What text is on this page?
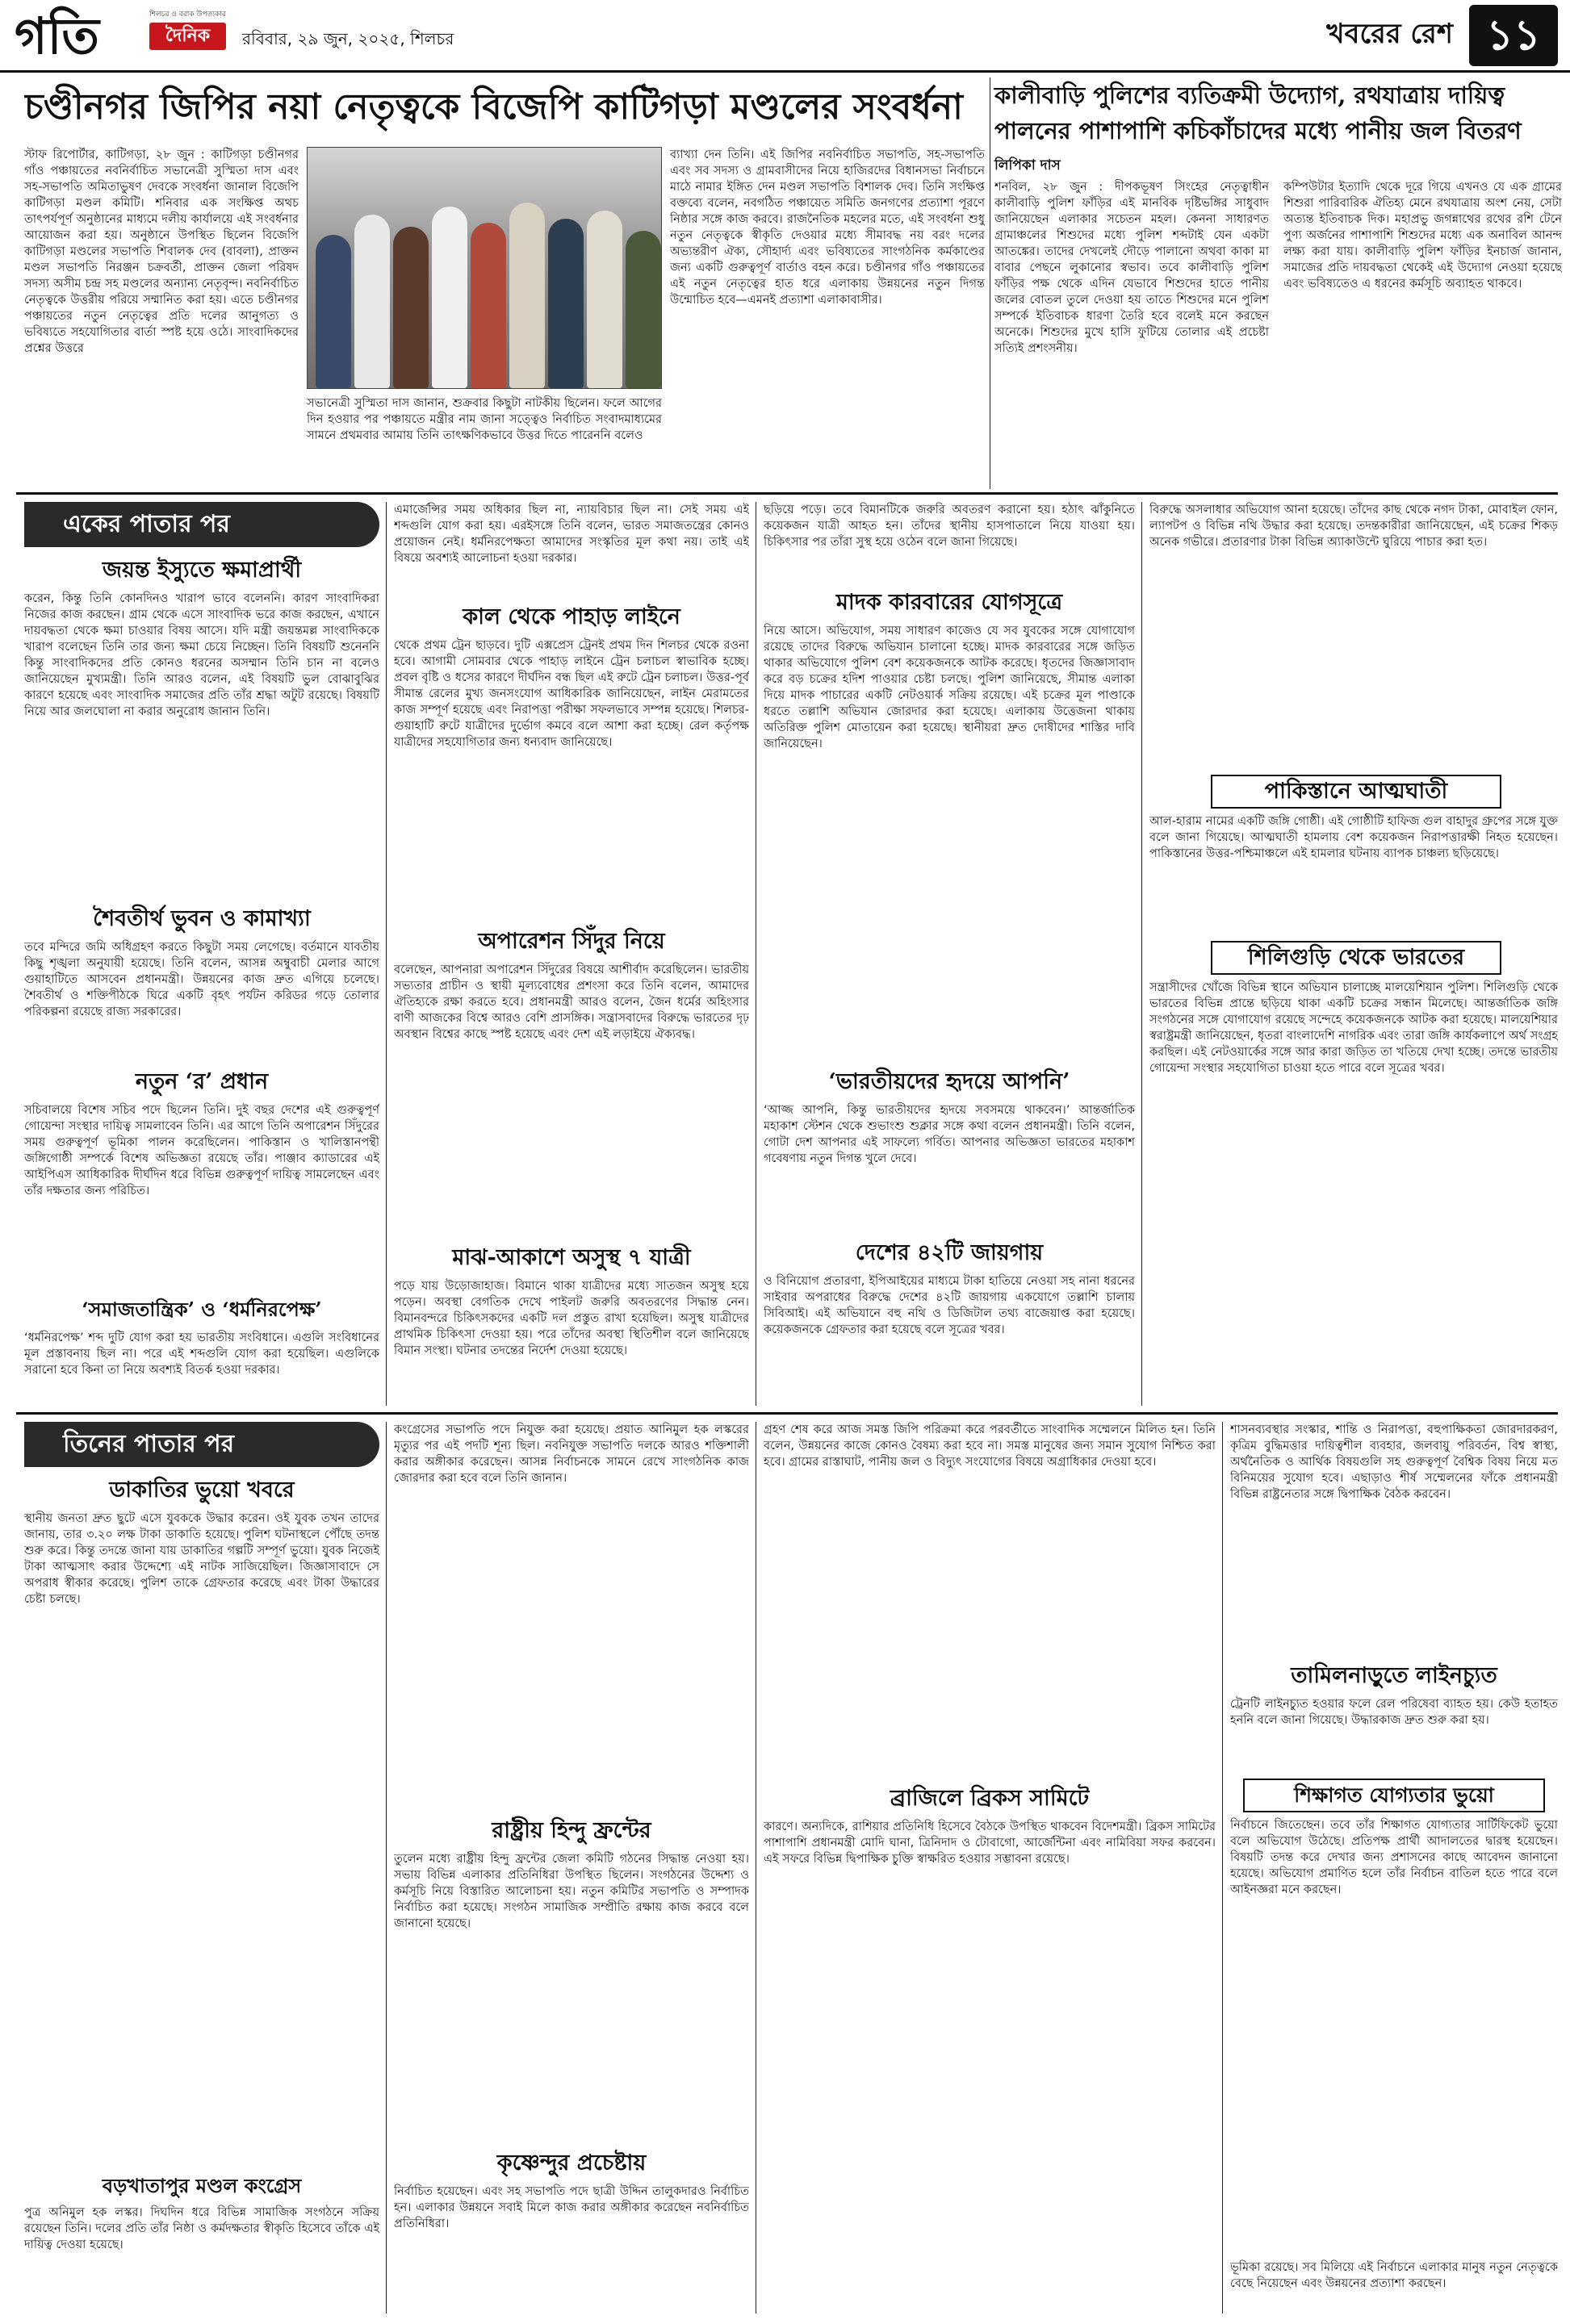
গতি	শিলচর ও বরাক উপত্যকার
দৈনিক	রবিবার, ২৯ জুন, ২০২৫, শিলচর	খবরের রেশ ১১
চণ্ডীনগর জিপির নয়া নেতৃত্বকে বিজেপি কাটিগড়া মণ্ডলের সংবর্ধনা
স্টাফ রিপোর্টার, কাটিগড়া, ২৮ জুন : কাটিগড়া চণ্ডীনগর গাঁও পঞ্চায়তের নবনির্বাচিত সভানেত্রী সুস্মিতা দাস এবং সহ-সভাপতি অমিতাভুষণ দেবকে সংবর্ধনা জানাল বিজেপি কাটিগড়া মণ্ডল কমিটি। শনিবার এক সংক্ষিপ্ত অথচ তাৎপর্যপূর্ণ অনুষ্ঠানের মাধ্যমে দলীয় কার্যালয়ে এই সংবর্ধনার আয়োজন করা হয়। অনুষ্ঠানে উপস্থিত ছিলেন বিজেপি কাটিগড়া মণ্ডলের সভাপতি শিবালক দেব (বাবলা), প্রাক্তন মণ্ডল সভাপতি নিরঞ্জন চক্রবর্তী, প্রাক্তন জেলা পরিষদ সদস্য অসীম চন্দ্র সহ মণ্ডলের অন্যান্য নেতৃবৃন্দ। নবনির্বাচিত নেতৃত্বকে উত্তরীয় পরিয়ে সম্মানিত করা হয়। এতে চণ্ডীনগর পঞ্চায়তের নতুন নেতৃত্বের প্রতি দলের আনুগত্য ও ভবিষ্যতে সহযোগিতার বার্তা স্পষ্ট হয়ে ওঠে। সাংবাদিকদের প্রশ্নের উত্তরে
সভানেত্রী সুস্মিতা দাস জানান, শুক্রবার কিছুটা নাটকীয় ছিলেন। ফলে আগের দিন হওয়ার পর পঞ্চায়তে মন্ত্রীর নাম জানা সত্ত্বেও নির্বাচিত সংবাদমাধ্যমের সামনে প্রথমবার আমায় তিনি তাৎক্ষণিকভাবে উত্তর দিতে পারেননি বলেও
ব্যাখ্যা দেন তিনি। এই জিপির নবনির্বাচিত সভাপতি, সহ-সভাপতি এবং সব সদস্য ও গ্রামবাসীদের নিয়ে হাজিরদের বিধানসভা নির্বাচনে মাঠে নামার ইঙ্গিত দেন মণ্ডল সভাপতি বিশালক দেব। তিনি সংক্ষিপ্ত বক্তব্যে বলেন, নবগঠিত পঞ্চায়েত সমিতি জনগণের প্রত্যাশা পূরণে নিষ্ঠার সঙ্গে কাজ করবে। রাজনৈতিক মহলের মতে, এই সংবর্ধনা শুধু নতুন নেতৃত্বকে স্বীকৃতি দেওয়ার মধ্যে সীমাবদ্ধ নয় বরং দলের অভ্যন্তরীণ ঐক্য, সৌহার্দ্য এবং ভবিষ্যতের সাংগঠনিক কর্মকাণ্ডের জন্য একটি গুরুত্বপূর্ণ বার্তাও বহন করে। চণ্ডীনগর গাঁও পঞ্চায়তের এই নতুন নেতৃত্বের হাত ধরে এলাকায় উন্নয়নের নতুন দিগন্ত উন্মোচিত হবে—এমনই প্রত্যাশা এলাকাবাসীর।
কালীবাড়ি পুলিশের ব্যতিক্রমী উদ্যোগ, রথযাত্রায় দায়িত্ব পালনের পাশাপাশি কচিকাঁচাদের মধ্যে পানীয় জল বিতরণ
লিপিকা দাস
শনবিল, ২৮ জুন : দীপকভূষণ সিংহের নেতৃত্বাধীন কালীবাড়ি পুলিশ ফাঁড়ির এই মানবিক দৃষ্টিভঙ্গির সাধুবাদ জানিয়েছেন এলাকার সচেতন মহল। কেননা সাধারণত গ্রামাঞ্চলের শিশুদের মধ্যে পুলিশ শব্দটাই যেন একটা আতঙ্কের। তাদের দেখলেই দৌড়ে পালানো অথবা কাকা মা বাবার পেছনে লুকানোর স্বভাব। তবে কালীবাড়ি পুলিশ ফাঁড়ির পক্ষ থেকে এদিন যেভাবে শিশুদের হাতে পানীয় জলের বোতল তুলে দেওয়া হয় তাতে শিশুদের মনে পুলিশ সম্পর্কে ইতিবাচক ধারণা তৈরি হবে বলেই মনে করছেন অনেকে। শিশুদের মুখে হাসি ফুটিয়ে তোলার এই প্রচেষ্টা সত্যিই প্রশংসনীয়।
কম্পিউটার ইত্যাদি থেকে দূরে গিয়ে এখনও যে এক গ্রামের শিশুরা পারিবারিক ঐতিহ্য মেনে রথযাত্রায় অংশ নেয়, সেটা অত্যন্ত ইতিবাচক দিক। মহাপ্রভু জগন্নাথের রথের রশি টেনে পুণ্য অর্জনের পাশাপাশি শিশুদের মধ্যে এক অনাবিল আনন্দ লক্ষ্য করা যায়। কালীবাড়ি পুলিশ ফাঁড়ির ইনচার্জ জানান, সমাজের প্রতি দায়বদ্ধতা থেকেই এই উদ্যোগ নেওয়া হয়েছে এবং ভবিষ্যতেও এ ধরনের কর্মসূচি অব্যাহত থাকবে।
একের পাতার পর
জয়ন্ত ইস্যুতে ক্ষমাপ্রার্থী
করেন, কিন্তু তিনি কোনদিনও খারাপ ভাবে বলেননি। কারণ সাংবাদিকরা নিজের কাজ করছেন। গ্রাম থেকে এসে সাংবাদিক ভরে কাজ করছেন, এখানে দায়বদ্ধতা থেকে ক্ষমা চাওয়ার বিষয় আসে। যদি মন্ত্রী জয়ন্তমল্ল সাংবাদিককে খারাপ বলেছেন তিনি তার জন্য ক্ষমা চেয়ে নিচ্ছেন। তিনি বিষয়টি শুনেননি কিন্তু সাংবাদিকদের প্রতি কোনও ধরনের অসম্মান তিনি চান না বলেও জানিয়েছেন মুখ্যমন্ত্রী। তিনি আরও বলেন, এই বিষয়টি ভুল বোঝাবুঝির কারণে হয়েছে এবং সাংবাদিক সমাজের প্রতি তাঁর শ্রদ্ধা অটুট রয়েছে। বিষয়টি নিয়ে আর জলঘোলা না করার অনুরোধ জানান তিনি।
শৈবতীর্থ ভুবন ও কামাখ্যা
তবে মন্দিরে জমি অধিগ্রহণ করতে কিছুটা সময় লেগেছে। বর্তমানে যাবতীয় কিছু শৃঙ্খলা অনুযায়ী হয়েছে। তিনি বলেন, আসন্ন অম্বুবাচী মেলার আগে গুয়াহাটিতে আসবেন প্রধানমন্ত্রী। উন্নয়নের কাজ দ্রুত এগিয়ে চলেছে। শৈবতীর্থ ও শক্তিপীঠকে ঘিরে একটি বৃহৎ পর্যটন করিডর গড়ে তোলার পরিকল্পনা রয়েছে রাজ্য সরকারের।
নতুন ‘র’ প্রধান
সচিবালয়ে বিশেষ সচিব পদে ছিলেন তিনি। দুই বছর দেশের এই গুরুত্বপূর্ণ গোয়েন্দা সংস্থার দায়িত্ব সামলাবেন তিনি। এর আগে তিনি অপারেশন সিঁদুরের সময় গুরুত্বপূর্ণ ভূমিকা পালন করেছিলেন। পাকিস্তান ও খালিস্তানপন্থী জঙ্গিগোষ্ঠী সম্পর্কে বিশেষ অভিজ্ঞতা রয়েছে তাঁর। পাঞ্জাব ক্যাডারের এই আইপিএস আধিকারিক দীর্ঘদিন ধরে বিভিন্ন গুরুত্বপূর্ণ দায়িত্ব সামলেছেন এবং তাঁর দক্ষতার জন্য পরিচিত।
‘সমাজতান্ত্রিক’ ও ‘ধর্মনিরপেক্ষ’
‘ধর্মনিরপেক্ষ’ শব্দ দুটি যোগ করা হয় ভারতীয় সংবিধানে। এগুলি সংবিধানের মূল প্রস্তাবনায় ছিল না। পরে এই শব্দগুলি যোগ করা হয়েছিল। এগুলিকে সরানো হবে কিনা তা নিয়ে অবশ্যই বিতর্ক হওয়া দরকার।
এমার্জেন্সির সময় অধিকার ছিল না, ন্যায়বিচার ছিল না। সেই সময় এই শব্দগুলি যোগ করা হয়। এরইসঙ্গে তিনি বলেন, ভারত সমাজতন্ত্রের কোনও প্রয়োজন নেই। ধর্মনিরপেক্ষতা আমাদের সংস্কৃতির মূল কথা নয়। তাই এই বিষয়ে অবশ্যই আলোচনা হওয়া দরকার।
কাল থেকে পাহাড় লাইনে
থেকে প্রথম ট্রেন ছাড়বে। দুটি এক্সপ্রেস ট্রেনই প্রথম দিন শিলচর থেকে রওনা হবে। আগামী সোমবার থেকে পাহাড় লাইনে ট্রেন চলাচল স্বাভাবিক হচ্ছে। প্রবল বৃষ্টি ও ধসের কারণে দীর্ঘদিন বন্ধ ছিল এই রুটে ট্রেন চলাচল। উত্তর-পূর্ব সীমান্ত রেলের মুখ্য জনসংযোগ আধিকারিক জানিয়েছেন, লাইন মেরামতের কাজ সম্পূর্ণ হয়েছে এবং নিরাপত্তা পরীক্ষা সফলভাবে সম্পন্ন হয়েছে। শিলচর-গুয়াহাটি রুটে যাত্রীদের দুর্ভোগ কমবে বলে আশা করা হচ্ছে। রেল কর্তৃপক্ষ যাত্রীদের সহযোগিতার জন্য ধন্যবাদ জানিয়েছে।
অপারেশন সিঁদুর নিয়ে
বলেছেন, আপনারা অপারেশন সিঁদুরের বিষয়ে আশীর্বাদ করেছিলেন। ভারতীয় সভ্যতার প্রাচীন ও স্থায়ী মূল্যবোধের প্রশংসা করে তিনি বলেন, আমাদের ঐতিহ্যকে রক্ষা করতে হবে। প্রধানমন্ত্রী আরও বলেন, জৈন ধর্মের অহিংসার বাণী আজকের বিশ্বে আরও বেশি প্রাসঙ্গিক। সন্ত্রাসবাদের বিরুদ্ধে ভারতের দৃঢ় অবস্থান বিশ্বের কাছে স্পষ্ট হয়েছে এবং দেশ এই লড়াইয়ে ঐক্যবদ্ধ।
মাঝ-আকাশে অসুস্থ ৭ যাত্রী
পড়ে যায় উড়োজাহাজ। বিমানে থাকা যাত্রীদের মধ্যে সাতজন অসুস্থ হয়ে পড়েন। অবস্থা বেগতিক দেখে পাইলট জরুরি অবতরণের সিদ্ধান্ত নেন। বিমানবন্দরে চিকিৎসকদের একটি দল প্রস্তুত রাখা হয়েছিল। অসুস্থ যাত্রীদের প্রাথমিক চিকিৎসা দেওয়া হয়। পরে তাঁদের অবস্থা স্থিতিশীল বলে জানিয়েছে বিমান সংস্থা। ঘটনার তদন্তের নির্দেশ দেওয়া হয়েছে।
ছড়িয়ে পড়ে। তবে বিমানটিকে জরুরি অবতরণ করানো হয়। হঠাৎ ঝাঁকুনিতে কয়েকজন যাত্রী আহত হন। তাঁদের স্থানীয় হাসপাতালে নিয়ে যাওয়া হয়। চিকিৎসার পর তাঁরা সুস্থ হয়ে ওঠেন বলে জানা গিয়েছে।
মাদক কারবারের যোগসূত্রে
নিয়ে আসে। অভিযোগ, সময় সাধারণ কাজেও যে সব যুবকের সঙ্গে যোগাযোগ রয়েছে তাদের বিরুদ্ধে অভিযান চালানো হচ্ছে। মাদক কারবারের সঙ্গে জড়িত থাকার অভিযোগে পুলিশ বেশ কয়েকজনকে আটক করেছে। ধৃতদের জিজ্ঞাসাবাদ করে বড় চক্রের হদিশ পাওয়ার চেষ্টা চলছে। পুলিশ জানিয়েছে, সীমান্ত এলাকা দিয়ে মাদক পাচারের একটি নেটওয়ার্ক সক্রিয় রয়েছে। এই চক্রের মূল পাণ্ডাকে ধরতে তল্লাশি অভিযান জোরদার করা হয়েছে। এলাকায় উত্তেজনা থাকায় অতিরিক্ত পুলিশ মোতায়েন করা হয়েছে। স্থানীয়রা দ্রুত দোষীদের শাস্তির দাবি জানিয়েছেন।
‘ভারতীয়দের হৃদয়ে আপনি’
‘আজ্জ আপনি, কিন্তু ভারতীয়দের হৃদয়ে সবসময়ে থাকবেন।’ আন্তর্জাতিক মহাকাশ স্টেশন থেকে শুভাংশু শুক্লার সঙ্গে কথা বলেন প্রধানমন্ত্রী। তিনি বলেন, গোটা দেশ আপনার এই সাফল্যে গর্বিত। আপনার অভিজ্ঞতা ভারতের মহাকাশ গবেষণায় নতুন দিগন্ত খুলে দেবে।
দেশের ৪২টি জায়গায়
ও বিনিয়োগ প্রতারণা, ইপিআইয়ের মাধ্যমে টাকা হাতিয়ে নেওয়া সহ নানা ধরনের সাইবার অপরাধের বিরুদ্ধে দেশের ৪২টি জায়গায় একযোগে তল্লাশি চালায় সিবিআই। এই অভিযানে বহু নথি ও ডিজিটাল তথ্য বাজেয়াপ্ত করা হয়েছে। কয়েকজনকে গ্রেফতার করা হয়েছে বলে সূত্রের খবর।
বিরুদ্ধে অসলাধার অভিযোগ আনা হয়েছে। তাঁদের কাছ থেকে নগদ টাকা, মোবাইল ফোন, ল্যাপটপ ও বিভিন্ন নথি উদ্ধার করা হয়েছে। তদন্তকারীরা জানিয়েছেন, এই চক্রের শিকড় অনেক গভীরে। প্রতারণার টাকা বিভিন্ন অ্যাকাউন্টে ঘুরিয়ে পাচার করা হত।
পাকিস্তানে আত্মঘাতী
আল-হারাম নামের একটি জঙ্গি গোষ্ঠী। এই গোষ্ঠীটি হাফিজ গুল বাহাদুর গ্রুপের সঙ্গে যুক্ত বলে জানা গিয়েছে। আত্মঘাতী হামলায় বেশ কয়েকজন নিরাপত্তারক্ষী নিহত হয়েছেন। পাকিস্তানের উত্তর-পশ্চিমাঞ্চলে এই হামলার ঘটনায় ব্যাপক চাঞ্চল্য ছড়িয়েছে।
শিলিগুড়ি থেকে ভারতের
সন্ত্রাসীদের খোঁজে বিভিন্ন স্থানে অভিযান চালাচ্ছে মালয়েশিয়ান পুলিশ। শিলিগুড়ি থেকে ভারতের বিভিন্ন প্রান্তে ছড়িয়ে থাকা একটি চক্রের সন্ধান মিলেছে। আন্তর্জাতিক জঙ্গি সংগঠনের সঙ্গে যোগাযোগ রয়েছে সন্দেহে কয়েকজনকে আটক করা হয়েছে। মালয়েশিয়ার স্বরাষ্ট্রমন্ত্রী জানিয়েছেন, ধৃতরা বাংলাদেশি নাগরিক এবং তারা জঙ্গি কার্যকলাপে অর্থ সংগ্রহ করছিল। এই নেটওয়ার্কের সঙ্গে আর কারা জড়িত তা খতিয়ে দেখা হচ্ছে। তদন্তে ভারতীয় গোয়েন্দা সংস্থার সহযোগিতা চাওয়া হতে পারে বলে সূত্রের খবর।
তিনের পাতার পর
ডাকাতির ভুয়ো খবরে
স্থানীয় জনতা দ্রুত ছুটে এসে যুবককে উদ্ধার করেন। ওই যুবক তখন তাদের জানায়, তার ৩.২০ লক্ষ টাকা ডাকাতি হয়েছে। পুলিশ ঘটনাস্থলে পৌঁছে তদন্ত শুরু করে। কিন্তু তদন্তে জানা যায় ডাকাতির গল্পটি সম্পূর্ণ ভুয়ো। যুবক নিজেই টাকা আত্মসাৎ করার উদ্দেশ্যে এই নাটক সাজিয়েছিল। জিজ্ঞাসাবাদে সে অপরাধ স্বীকার করেছে। পুলিশ তাকে গ্রেফতার করেছে এবং টাকা উদ্ধারের চেষ্টা চলছে।
বড়খাতাপুর মণ্ডল কংগ্রেস
পুত্র অনিমুল হক লস্কর। দিঘদিন ধরে বিভিন্ন সামাজিক সংগঠনে সক্রিয় রয়েছেন তিনি। দলের প্রতি তাঁর নিষ্ঠা ও কর্মদক্ষতার স্বীকৃতি হিসেবে তাঁকে এই দায়িত্ব দেওয়া হয়েছে।
কংগ্রেসের সভাপতি পদে নিযুক্ত করা হয়েছে। প্রয়াত আনিমুল হক লস্করের মৃত্যুর পর এই পদটি শূন্য ছিল। নবনিযুক্ত সভাপতি দলকে আরও শক্তিশালী করার অঙ্গীকার করেছেন। আসন্ন নির্বাচনকে সামনে রেখে সাংগঠনিক কাজ জোরদার করা হবে বলে তিনি জানান।
রাষ্ট্রীয় হিন্দু ফ্রন্টের
তুলেন মধ্যে রাষ্ট্রীয় হিন্দু ফ্রন্টের জেলা কমিটি গঠনের সিদ্ধান্ত নেওয়া হয়। সভায় বিভিন্ন এলাকার প্রতিনিধিরা উপস্থিত ছিলেন। সংগঠনের উদ্দেশ্য ও কর্মসূচি নিয়ে বিস্তারিত আলোচনা হয়। নতুন কমিটির সভাপতি ও সম্পাদক নির্বাচিত করা হয়েছে। সংগঠন সামাজিক সম্প্রীতি রক্ষায় কাজ করবে বলে জানানো হয়েছে।
কৃষ্ণেন্দুর প্রচেষ্টায়
নির্বাচিত হয়েছেন। এবং সহ সভাপতি পদে ছাত্রী উদ্দিন তালুকদারও নির্বাচিত হন। এলাকার উন্নয়নে সবাই মিলে কাজ করার অঙ্গীকার করেছেন নবনির্বাচিত প্রতিনিধিরা।
গ্রহণ শেষ করে আজ সমস্ত জিপি পরিক্রমা করে পরবর্তীতে সাংবাদিক সম্মেলনে মিলিত হন। তিনি বলেন, উন্নয়নের কাজে কোনও বৈষম্য করা হবে না। সমস্ত মানুষের জন্য সমান সুযোগ নিশ্চিত করা হবে। গ্রামের রাস্তাঘাট, পানীয় জল ও বিদ্যুৎ সংযোগের বিষয়ে অগ্রাধিকার দেওয়া হবে।
ব্রাজিলে ব্রিকস সামিটে
কারণে। অন্যদিকে, রাশিয়ার প্রতিনিধি হিসেবে বৈঠকে উপস্থিত থাকবেন বিদেশমন্ত্রী। ব্রিকস সামিটের পাশাপাশি প্রধানমন্ত্রী মোদি ঘানা, ত্রিনিদাদ ও টোবাগো, আর্জেন্টিনা এবং নামিবিয়া সফর করবেন। এই সফরে বিভিন্ন দ্বিপাক্ষিক চুক্তি স্বাক্ষরিত হওয়ার সম্ভাবনা রয়েছে।
শাসনব্যবস্থার সংস্কার, শান্তি ও নিরাপত্তা, বহুপাক্ষিকতা জোরদারকরণ, কৃত্রিম বুদ্ধিমত্তার দায়িত্বশীল ব্যবহার, জলবায়ু পরিবর্তন, বিশ্ব স্বাস্থ্য, অর্থনৈতিক ও আর্থিক বিষয়গুলি সহ গুরুত্বপূর্ণ বৈশ্বিক বিষয় নিয়ে মত বিনিময়ের সুযোগ হবে। এছাড়াও শীর্ষ সম্মেলনের ফাঁকে প্রধানমন্ত্রী বিভিন্ন রাষ্ট্রনেতার সঙ্গে দ্বিপাক্ষিক বৈঠক করবেন।
তামিলনাড়ুতে লাইনচ্যুত
ট্রেনটি লাইনচ্যুত হওয়ার ফলে রেল পরিষেবা ব্যাহত হয়। কেউ হতাহত হননি বলে জানা গিয়েছে। উদ্ধারকাজ দ্রুত শুরু করা হয়।
শিক্ষাগত যোগ্যতার ভুয়ো
নির্বাচনে জিতেছেন। তবে তাঁর শিক্ষাগত যোগ্যতার সার্টিফিকেট ভুয়ো বলে অভিযোগ উঠেছে। প্রতিপক্ষ প্রার্থী আদালতের দ্বারস্থ হয়েছেন। বিষয়টি তদন্ত করে দেখার জন্য প্রশাসনের কাছে আবেদন জানানো হয়েছে। অভিযোগ প্রমাণিত হলে তাঁর নির্বাচন বাতিল হতে পারে বলে আইনজ্ঞরা মনে করছেন।
ভূমিকা রয়েছে। সব মিলিয়ে এই নির্বাচনে এলাকার মানুষ নতুন নেতৃত্বকে বেছে নিয়েছেন এবং উন্নয়নের প্রত্যাশা করছেন।
